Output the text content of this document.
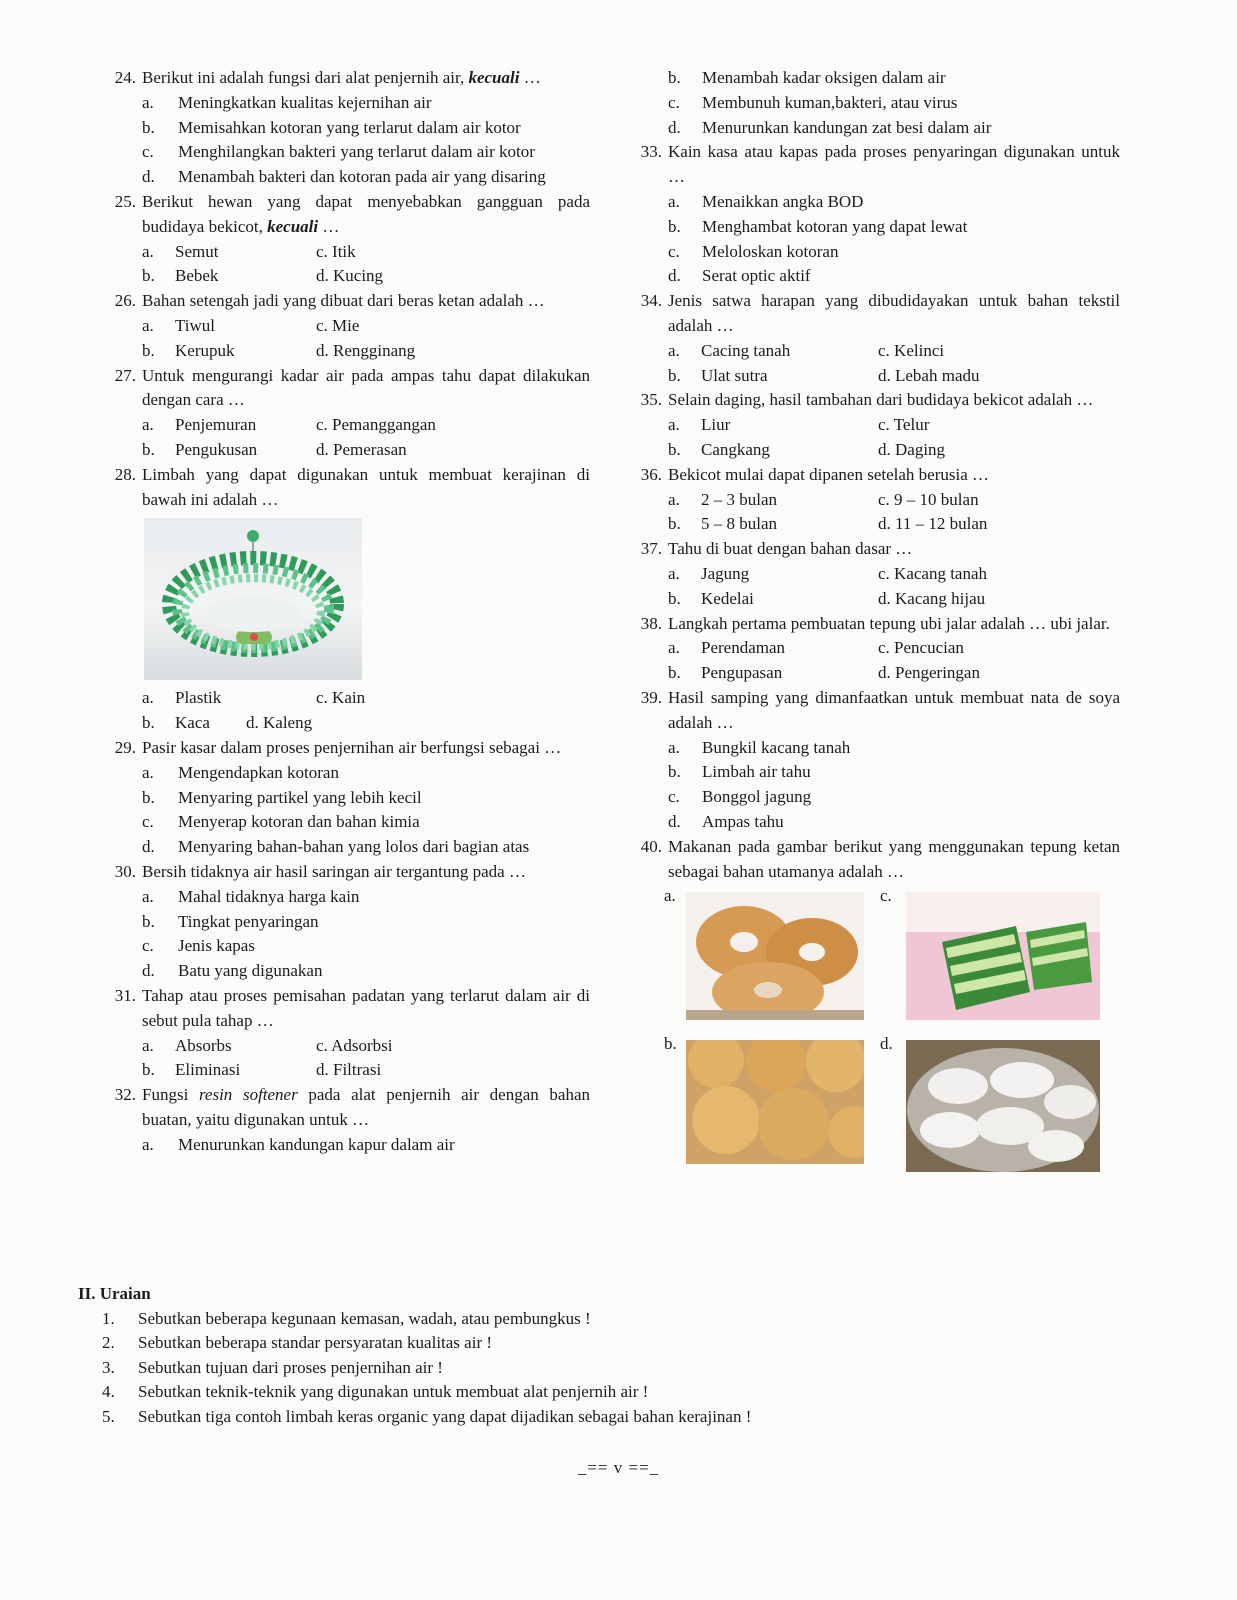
24. Berikut ini adalah fungsi dari alat penjernih air, kecuali …
a. Meningkatkan kualitas kejernihan air
b. Memisahkan kotoran yang terlarut dalam air kotor
c. Menghilangkan bakteri yang terlarut dalam air kotor
d. Menambah bakteri dan kotoran pada air yang disaring
25. Berikut hewan yang dapat menyebabkan gangguan pada budidaya bekicot, kecuali …
a. Semut	c. Itik
b. Bebek	d. Kucing
26. Bahan setengah jadi yang dibuat dari beras ketan adalah …
a. Tiwul	c. Mie
b. Kerupuk	d. Rengginang
27. Untuk mengurangi kadar air pada ampas tahu dapat dilakukan dengan cara …
a. Penjemuran	c. Pemanggangan
b. Pengukusan	d. Pemerasan
28. Limbah yang dapat digunakan untuk membuat kerajinan di bawah ini adalah …
a. Plastik	c. Kain
b. Kaca d. Kaleng
29. Pasir kasar dalam proses penjernihan air berfungsi sebagai …
a. Mengendapkan kotoran
b. Menyaring partikel yang lebih kecil
c. Menyerap kotoran dan bahan kimia
d. Menyaring bahan-bahan yang lolos dari bagian atas
30. Bersih tidaknya air hasil saringan air tergantung pada …
a. Mahal tidaknya harga kain
b. Tingkat penyaringan
c. Jenis kapas
d. Batu yang digunakan
31. Tahap atau proses pemisahan padatan yang terlarut dalam air di sebut pula tahap …
a. Absorbs	c. Adsorbsi
b. Eliminasi	d. Filtrasi
32. Fungsi resin softener pada alat penjernih air dengan bahan buatan, yaitu digunakan untuk …
a. Menurunkan kandungan kapur dalam air
b. Menambah kadar oksigen dalam air
c. Membunuh kuman,bakteri, atau virus
d. Menurunkan kandungan zat besi dalam air
33. Kain kasa atau kapas pada proses penyaringan digunakan untuk …
a. Menaikkan angka BOD
b. Menghambat kotoran yang dapat lewat
c. Meloloskan kotoran
d. Serat optic aktif
34. Jenis satwa harapan yang dibudidayakan untuk bahan tekstil adalah …
a. Cacing tanah	c. Kelinci
b. Ulat sutra	d. Lebah madu
35. Selain daging, hasil tambahan dari budidaya bekicot adalah …
a. Liur	c. Telur
b. Cangkang	d. Daging
36. Bekicot mulai dapat dipanen setelah berusia …
a. 2 – 3 bulan	c. 9 – 10 bulan
b. 5 – 8 bulan	d. 11 – 12 bulan
37. Tahu di buat dengan bahan dasar …
a. Jagung	c. Kacang tanah
b. Kedelai	d. Kacang hijau
38. Langkah pertama pembuatan tepung ubi jalar adalah … ubi jalar.
a. Perendaman	c. Pencucian
b. Pengupasan	d. Pengeringan
39. Hasil samping yang dimanfaatkan untuk membuat nata de soya adalah …
a. Bungkil kacang tanah
b. Limbah air tahu
c. Bonggol jagung
d. Ampas tahu
40. Makanan pada gambar berikut yang menggunakan tepung ketan sebagai bahan utamanya adalah …
a.	c.
b.	d.
II. Uraian
1. Sebutkan beberapa kegunaan kemasan, wadah, atau pembungkus !
2. Sebutkan beberapa standar persyaratan kualitas air !
3. Sebutkan tujuan dari proses penjernihan air !
4. Sebutkan teknik-teknik yang digunakan untuk membuat alat penjernih air !
5. Sebutkan tiga contoh limbah keras organic yang dapat dijadikan sebagai bahan kerajinan !
_== v ==_
